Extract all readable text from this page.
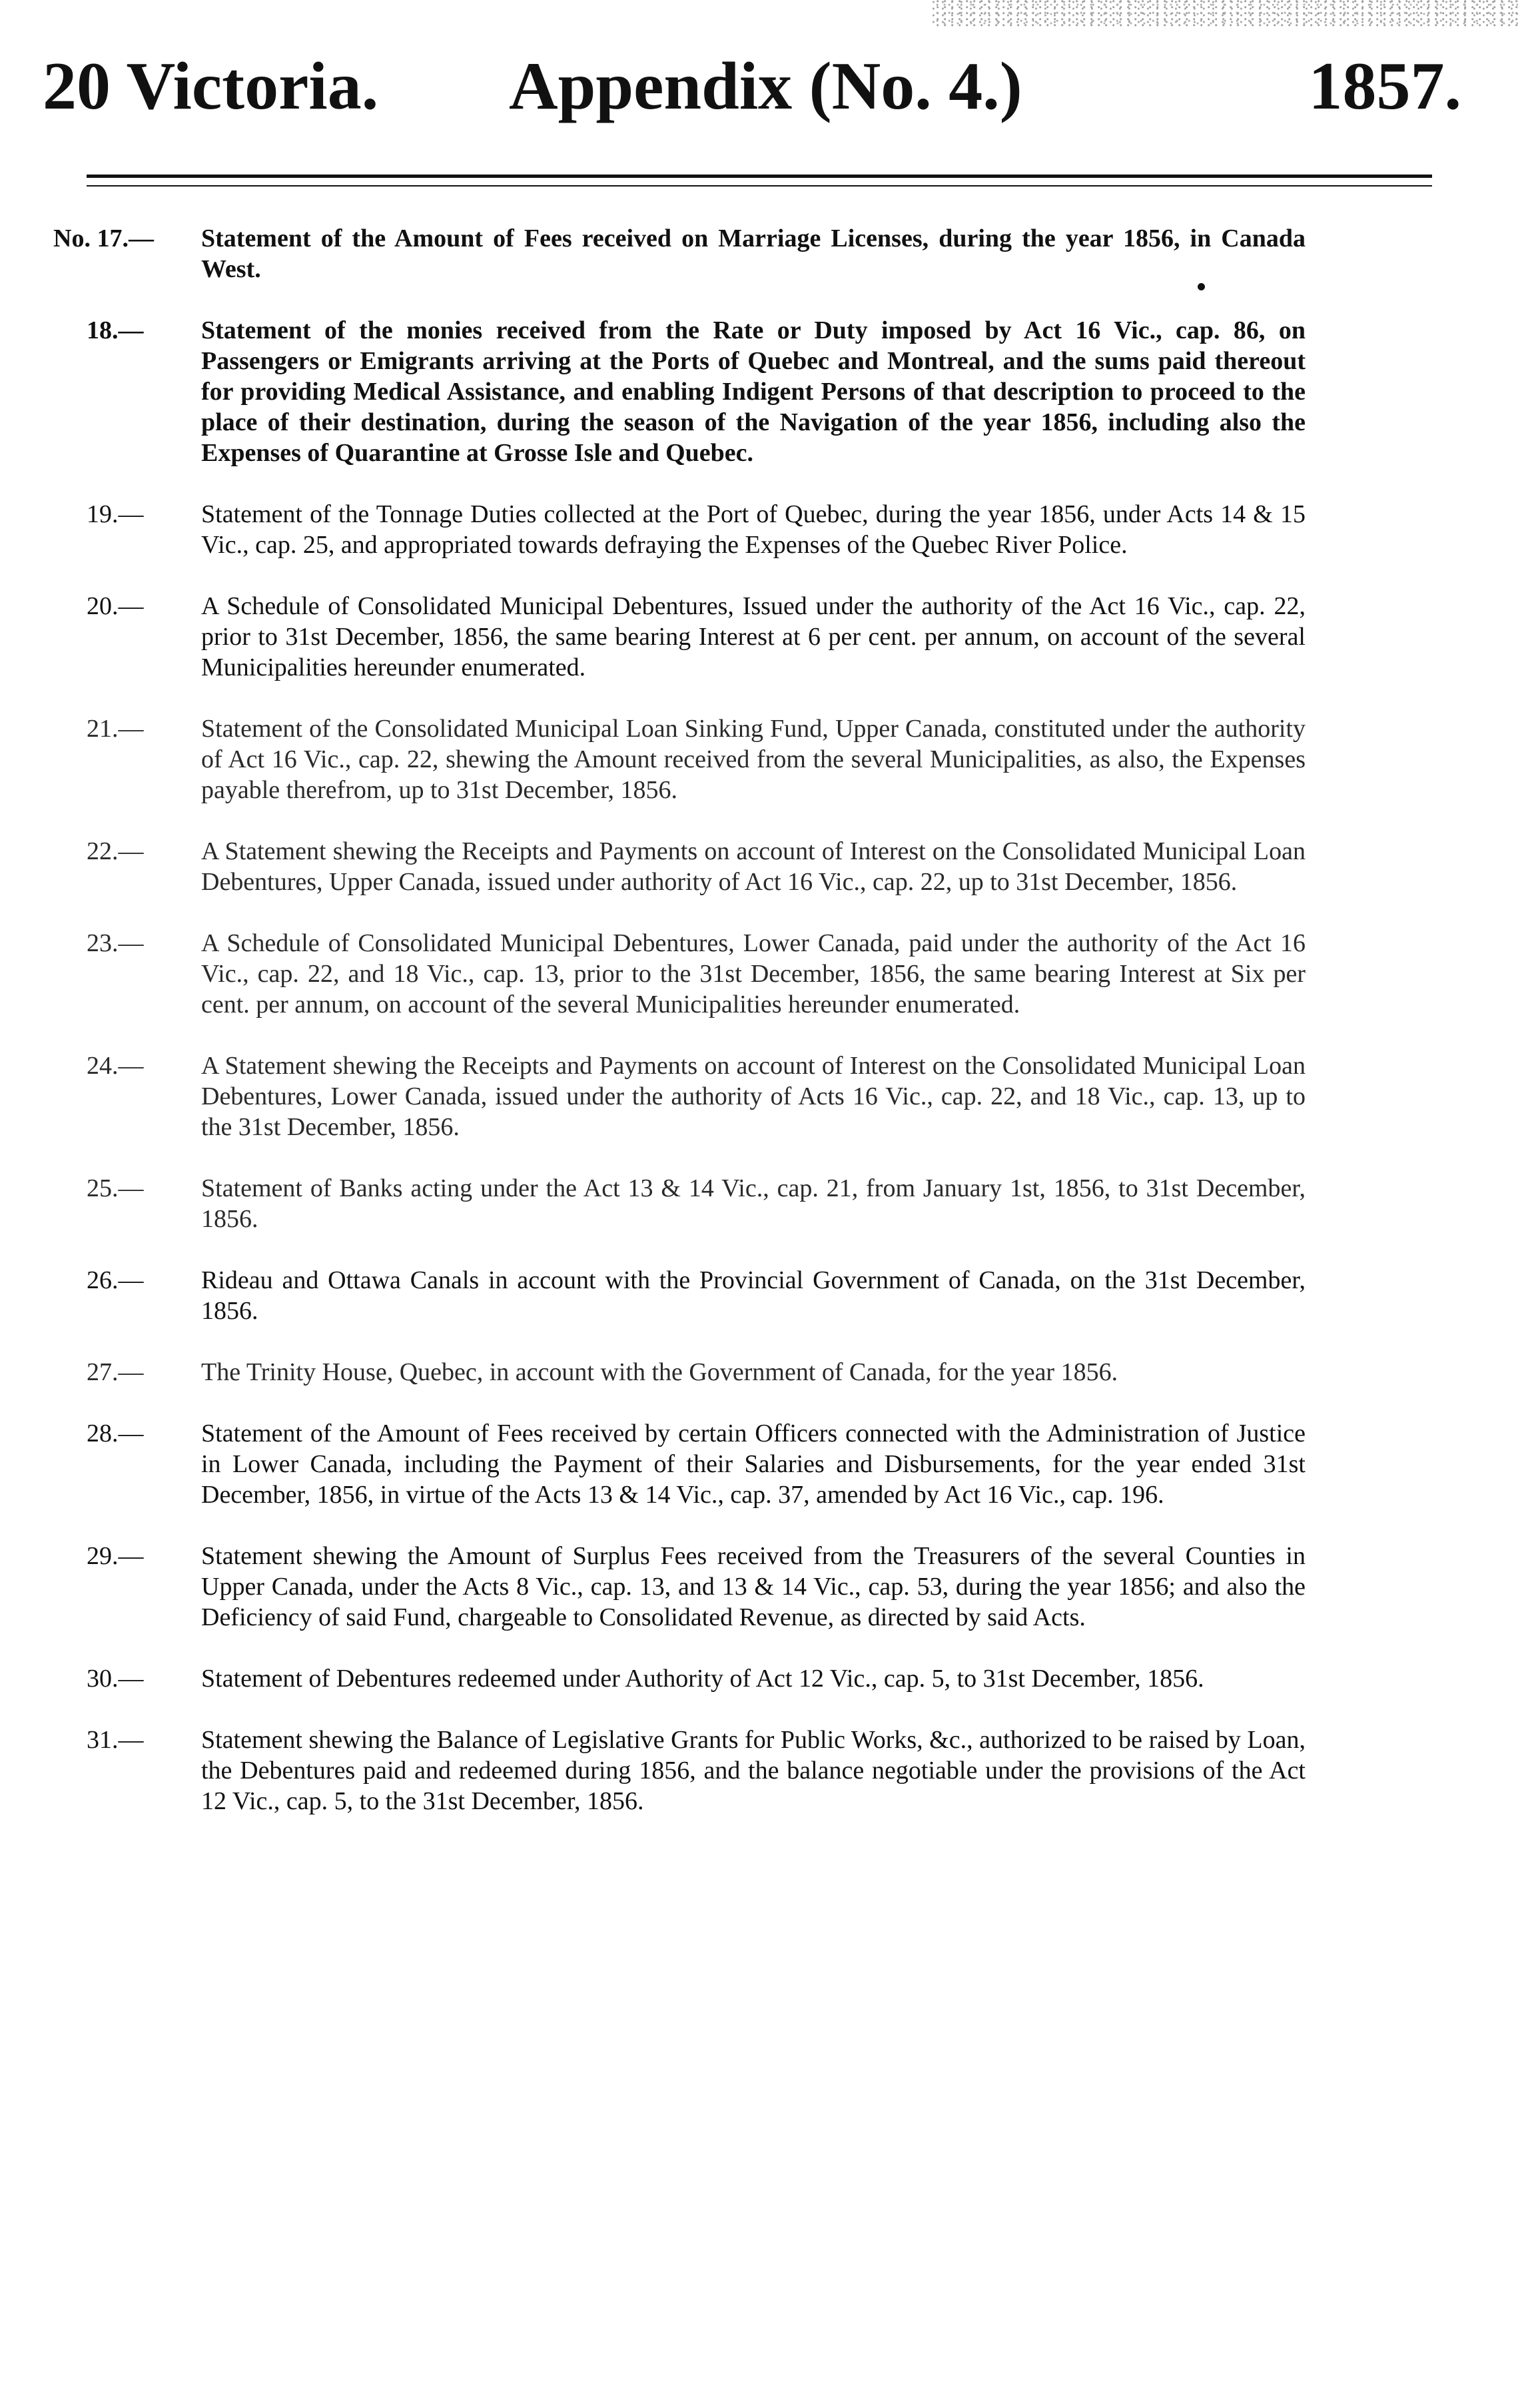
20 Victoria. Appendix (No. 4.)	1857.
No. 17.—	Statement of the Amount of Fees received on Marriage Licenses, during the year 1856, in Canada West.
18.—	Statement of the monies received from the Rate or Duty imposed by Act 16 Vic., cap. 86, on Passengers or Emigrants arriving at the Ports of Quebec and Montreal, and the sums paid thereout for providing Medical Assistance, and enabling Indigent Persons of that description to proceed to the place of their destination, during the season of the Navigation of the year 1856, including also the Expenses of Quarantine at Grosse Isle and Quebec.
19.—	Statement of the Tonnage Duties collected at the Port of Quebec, during the year 1856, under Acts 14 & 15 Vic., cap. 25, and appropriated towards defraying the Expenses of the Quebec River Police.
20.—	A Schedule of Consolidated Municipal Debentures, Issued under the authority of the Act 16 Vic., cap. 22, prior to 31st December, 1856, the same bearing Interest at 6 per cent. per annum, on account of the several Municipalities hereunder enumerated.
21.—	Statement of the Consolidated Municipal Loan Sinking Fund, Upper Canada, constituted under the authority of Act 16 Vic., cap. 22, shewing the Amount received from the several Municipalities, as also, the Expenses payable therefrom, up to 31st December, 1856.
22.—	A Statement shewing the Receipts and Payments on account of Interest on the Consolidated Municipal Loan Debentures, Upper Canada, issued under authority of Act 16 Vic., cap. 22, up to 31st December, 1856.
23.—	A Schedule of Consolidated Municipal Debentures, Lower Canada, paid under the authority of the Act 16 Vic., cap. 22, and 18 Vic., cap. 13, prior to the 31st December, 1856, the same bearing Interest at Six per cent. per annum, on account of the several Municipalities hereunder enumerated.
24.—	A Statement shewing the Receipts and Payments on account of Interest on the Consolidated Municipal Loan Debentures, Lower Canada, issued under the authority of Acts 16 Vic., cap. 22, and 18 Vic., cap. 13, up to the 31st December, 1856.
25.—	Statement of Banks acting under the Act 13 & 14 Vic., cap. 21, from January 1st, 1856, to 31st December, 1856.
26.—	Rideau and Ottawa Canals in account with the Provincial Government of Canada, on the 31st December, 1856.
27.—	The Trinity House, Quebec, in account with the Government of Canada, for the year 1856.
28.—	Statement of the Amount of Fees received by certain Officers connected with the Administration of Justice in Lower Canada, including the Payment of their Salaries and Disbursements, for the year ended 31st December, 1856, in virtue of the Acts 13 & 14 Vic., cap. 37, amended by Act 16 Vic., cap. 196.
29.—	Statement shewing the Amount of Surplus Fees received from the Treasurers of the several Counties in Upper Canada, under the Acts 8 Vic., cap. 13, and 13 & 14 Vic., cap. 53, during the year 1856; and also the Deficiency of said Fund, chargeable to Consolidated Revenue, as directed by said Acts.
30.—	Statement of Debentures redeemed under Authority of Act 12 Vic., cap. 5, to 31st December, 1856.
31.—	Statement shewing the Balance of Legislative Grants for Public Works, &c., authorized to be raised by Loan, the Debentures paid and redeemed during 1856, and the balance negotiable under the provisions of the Act 12 Vic., cap. 5, to the 31st December, 1856.
